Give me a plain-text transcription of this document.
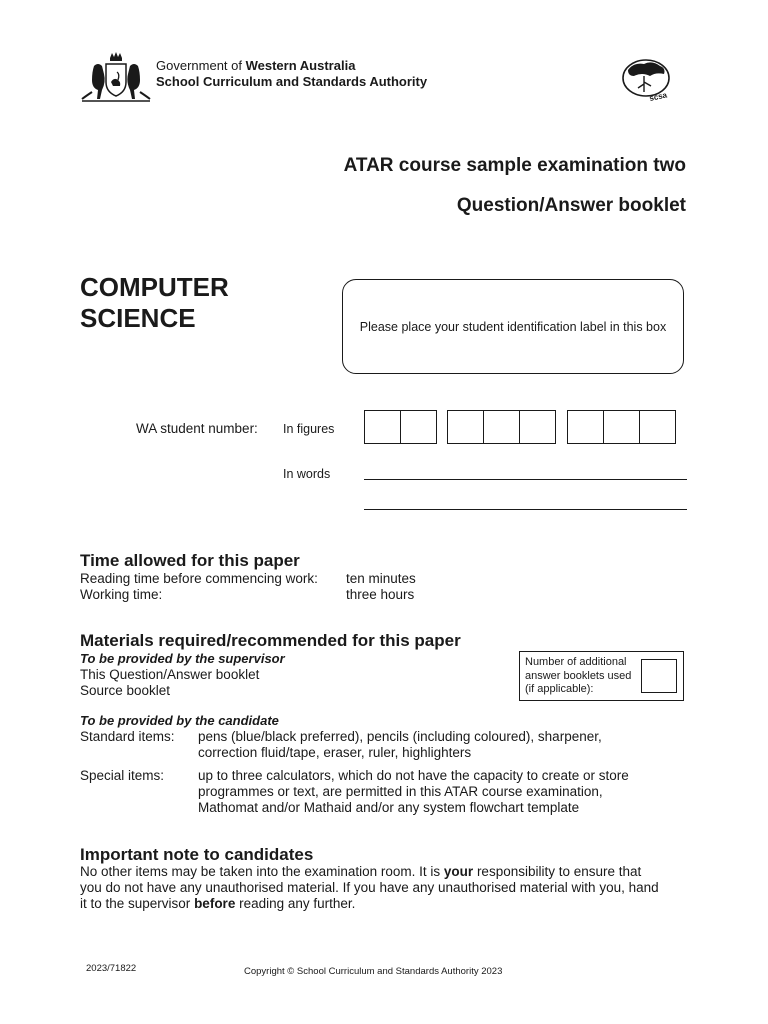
Government of Western Australia
School Curriculum and Standards Authority
scsa
ATAR course sample examination two
Question/Answer booklet
COMPUTER
SCIENCE	Please place your student identification label in this box
WA student number: In figures
In words
Time allowed for this paper
Reading time before commencing work: ten minutes
Working time:	three hours
Materials required/recommended for this paper
To be provided by the supervisor
This Question/Answer booklet
Source booklet
Number of additional answer booklets used (if applicable):
To be provided by the candidate
Standard items: pens (blue/black preferred), pencils (including coloured), sharpener,
correction fluid/tape, eraser, ruler, highlighters
Special items:	up to three calculators, which do not have the capacity to create or store
programmes or text, are permitted in this ATAR course examination,
Mathomat and/or Mathaid and/or any system flowchart template
Important note to candidates
No other items may be taken into the examination room. It is your responsibility to ensure that
you do not have any unauthorised material. If you have any unauthorised material with you, hand
it to the supervisor before reading any further.
2023/71822	Copyright © School Curriculum and Standards Authority 2023
